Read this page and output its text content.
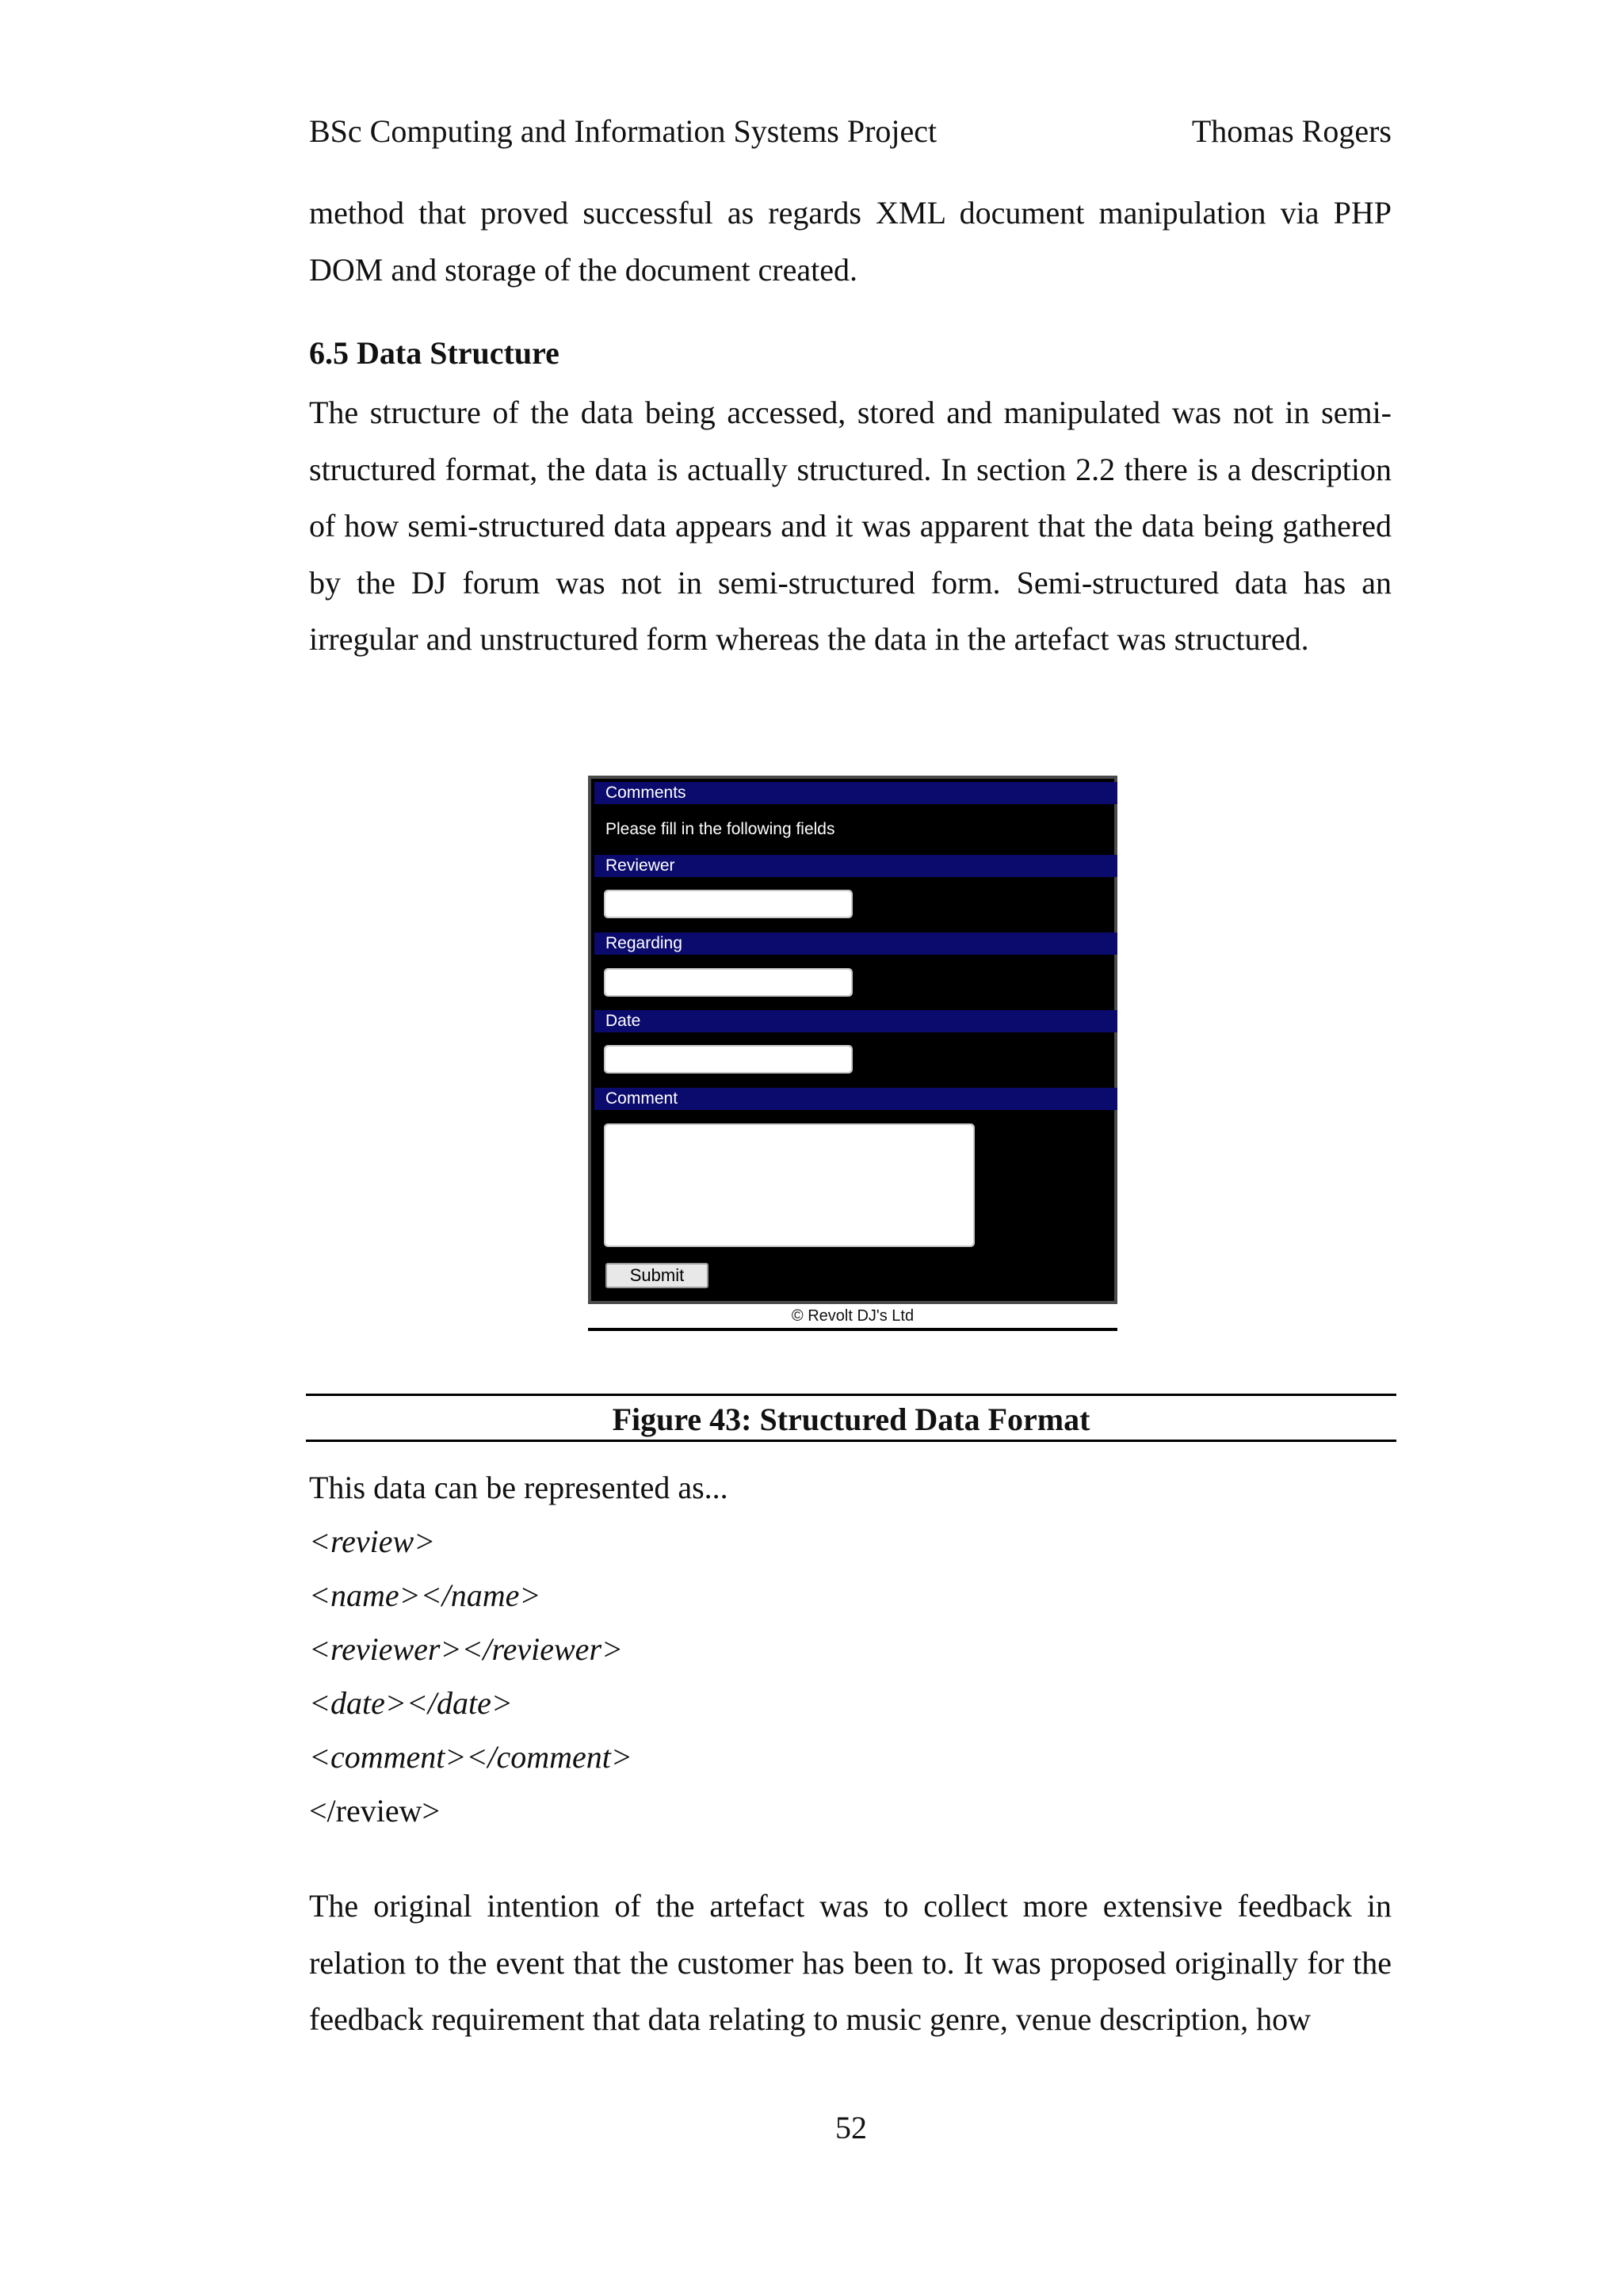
BSc Computing and Information Systems Project	Thomas Rogers

method that proved successful as regards XML document manipulation via PHP DOM and storage of the document created.

6.5 Data Structure

The structure of the data being accessed, stored and manipulated was not in semi-structured format, the data is actually structured. In section 2.2 there is a description of how semi-structured data appears and it was apparent that the data being gathered by the DJ forum was not in semi-structured form. Semi-structured data has an irregular and unstructured form whereas the data in the artefact was structured.

Comments
Please fill in the following fields
Reviewer
Regarding
Date
Comment
Submit
© Revolt DJ's Ltd
Figure 43: Structured Data Format

This data can be represented as...

<review>

<name></name>

<reviewer></reviewer>

<date></date>

<comment></comment>

</review>

The original intention of the artefact was to collect more extensive feedback in relation to the event that the customer has been to. It was proposed originally for the feedback requirement that data relating to music genre, venue description, how

52
